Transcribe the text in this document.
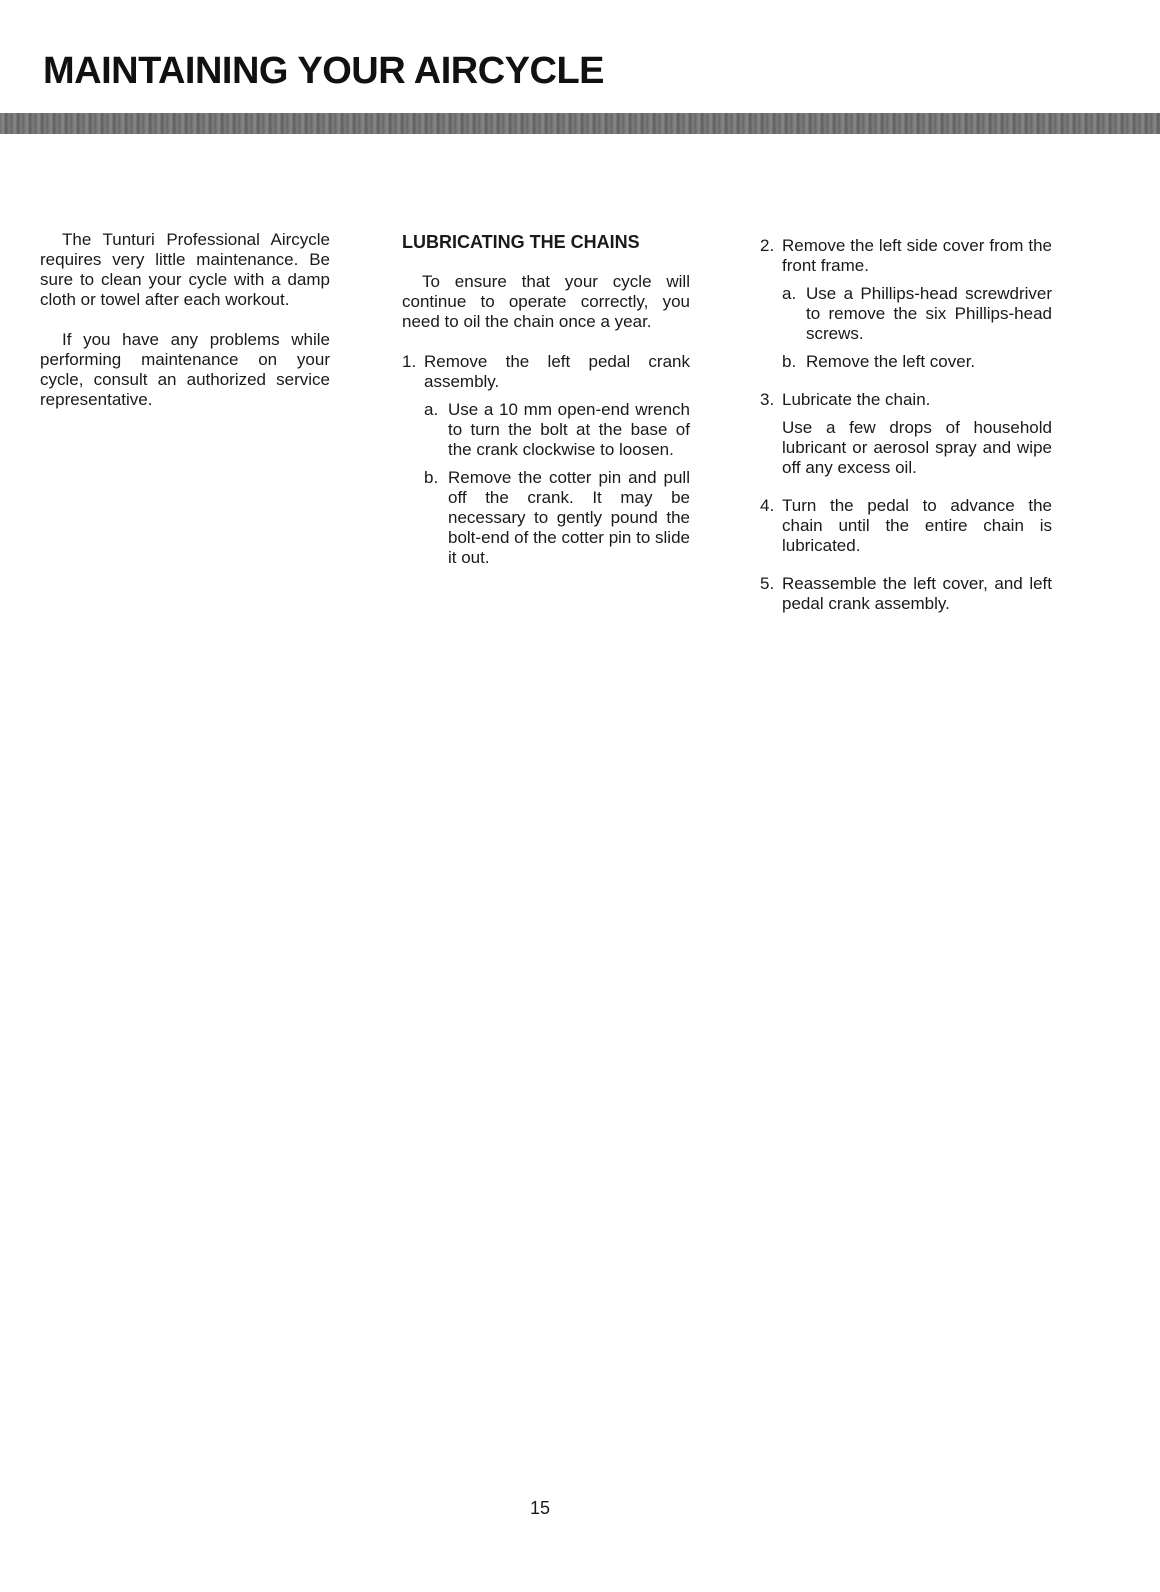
MAINTAINING YOUR AIRCYCLE

The Tunturi Professional Aircycle requires very little maintenance. Be sure to clean your cycle with a damp cloth or towel after each workout.

If you have any problems while performing maintenance on your cycle, consult an authorized service representative.

LUBRICATING THE CHAINS

To ensure that your cycle will continue to operate correctly, you need to oil the chain once a year.

1. Remove the left pedal crank assembly.
a. Use a 10 mm open-end wrench to turn the bolt at the base of the crank clockwise to loosen.
b. Remove the cotter pin and pull off the crank. It may be necessary to gently pound the bolt-end of the cotter pin to slide it out.
2. Remove the left side cover from the front frame.
a. Use a Phillips-head screwdriver to remove the six Phillips-head screws.
b. Remove the left cover.
3. Lubricate the chain.
Use a few drops of household lubricant or aerosol spray and wipe off any excess oil.
4. Turn the pedal to advance the chain until the entire chain is lubricated.
5. Reassemble the left cover, and left pedal crank assembly.
15
